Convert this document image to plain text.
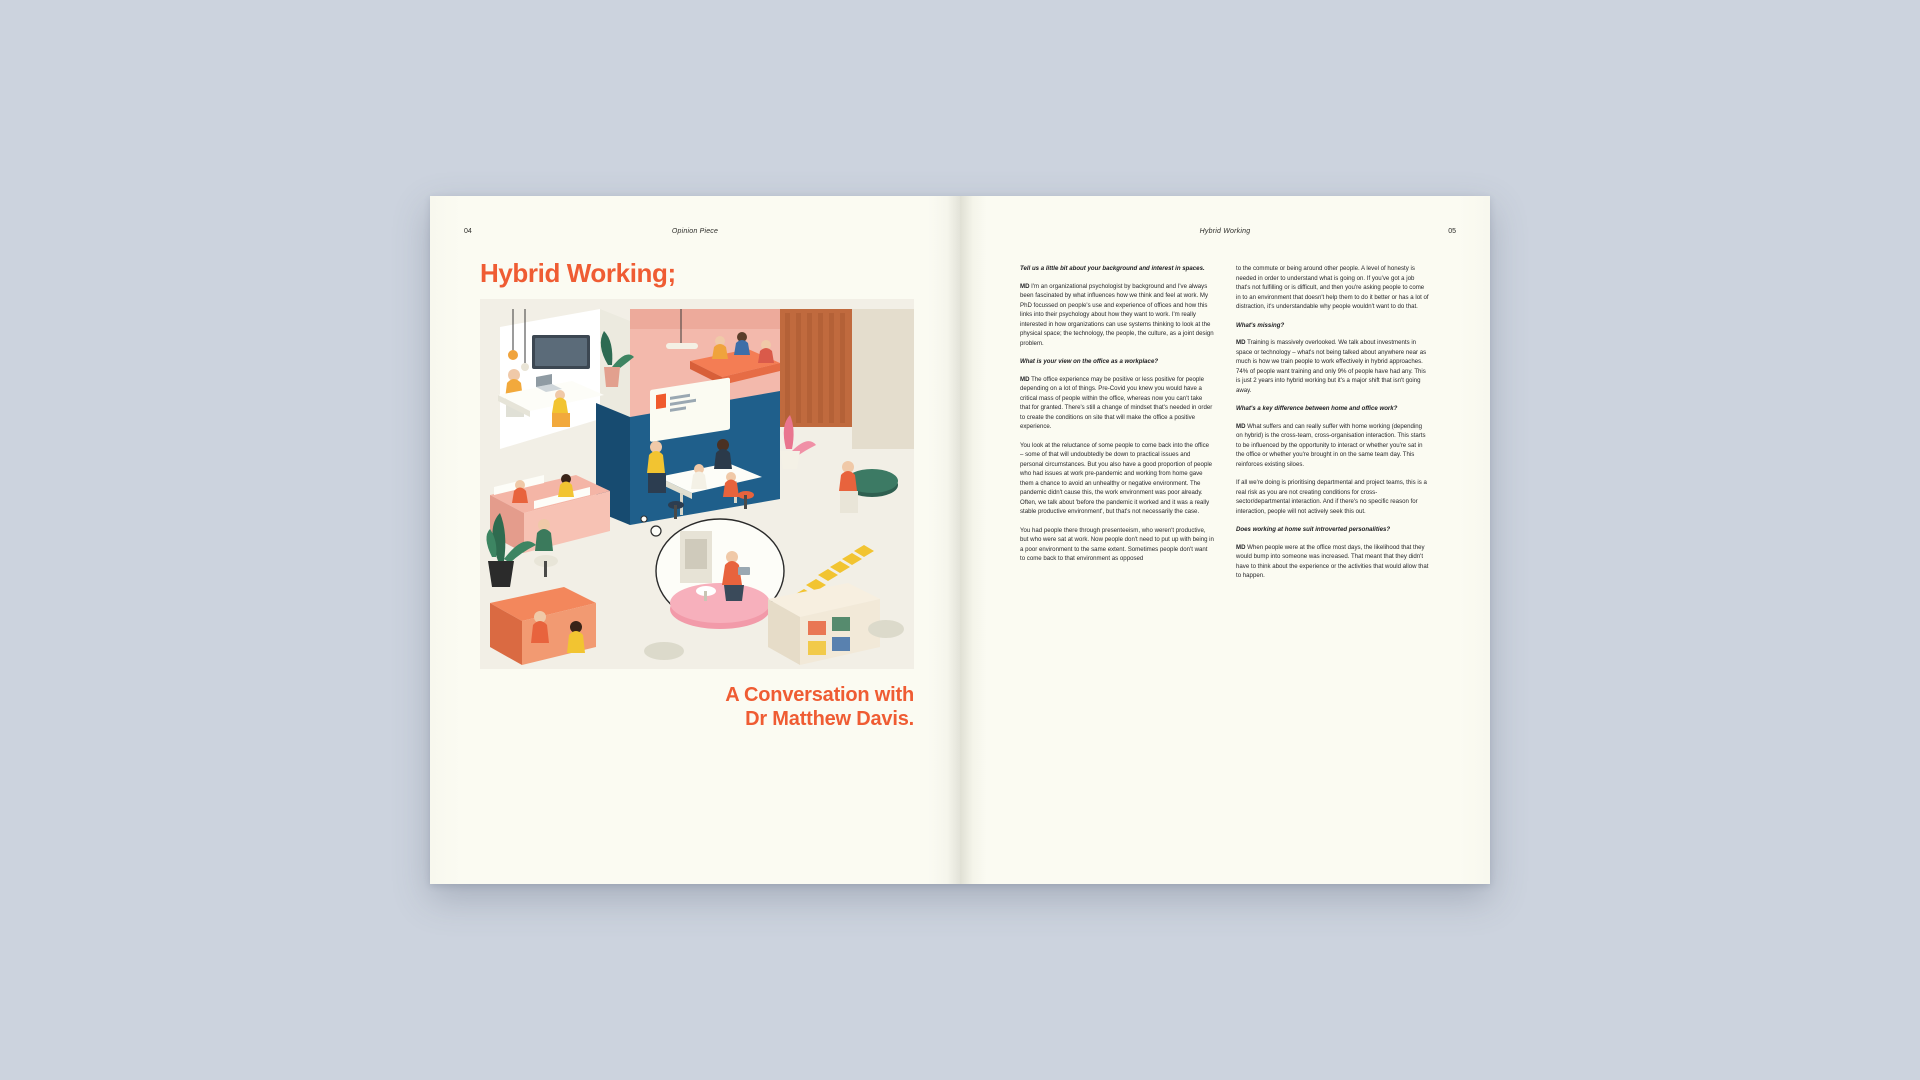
04	Opinion Piece
Hybrid Working;
A Conversation with
Dr Matthew Davis.
Hybrid Working	05

Tell us a little bit about your background and interest in spaces.

MD I'm an organizational psychologist by background and I've always been fascinated by what influences how we think and feel at work. My PhD focussed on people's use and experience of offices and how this links into their psychology about how they want to work. I'm really interested in how organizations can use systems thinking to look at the physical space; the technology, the people, the culture, as a joint design problem.

What is your view on the office as a workplace?

MD The office experience may be positive or less positive for people depending on a lot of things. Pre-Covid you knew you would have a critical mass of people within the office, whereas now you can't take that for granted. There's still a change of mindset that's needed in order to create the conditions on site that will make the office a positive experience.

You look at the reluctance of some people to come back into the office – some of that will undoubtedly be down to practical issues and personal circumstances. But you also have a good proportion of people who had issues at work pre-pandemic and working from home gave them a chance to avoid an unhealthy or negative environment. The pandemic didn't cause this, the work environment was poor already. Often, we talk about 'before the pandemic it worked and it was a really stable productive environment', but that's not necessarily the case.

You had people there through presenteeism, who weren't productive, but who were sat at work. Now people don't need to put up with being in a poor environment to the same extent. Sometimes people don't want to come back to that environment as opposed

to the commute or being around other people. A level of honesty is needed in order to understand what is going on. If you've got a job that's not fulfilling or is difficult, and then you're asking people to come in to an environment that doesn't help them to do it better or has a lot of distraction, it's understandable why people wouldn't want to do that.

What's missing?

MD Training is massively overlooked. We talk about investments in space or technology – what's not being talked about anywhere near as much is how we train people to work effectively in hybrid approaches. 74% of people want training and only 9% of people have had any. This is just 2 years into hybrid working but it's a major shift that isn't going away.

What's a key difference between home and office work?

MD What suffers and can really suffer with home working (depending on hybrid) is the cross-team, cross-organisation interaction. This starts to be influenced by the opportunity to interact or whether you're sat in the office or whether you're brought in on the same team day. This reinforces existing siloes.

If all we're doing is prioritising departmental and project teams, this is a real risk as you are not creating conditions for cross-sector/departmental interaction. And if there's no specific reason for interaction, people will not actively seek this out.

Does working at home suit introverted personalities?

MD When people were at the office most days, the likelihood that they would bump into someone was increased. That meant that they didn't have to think about the experience or the activities that would allow that to happen.
